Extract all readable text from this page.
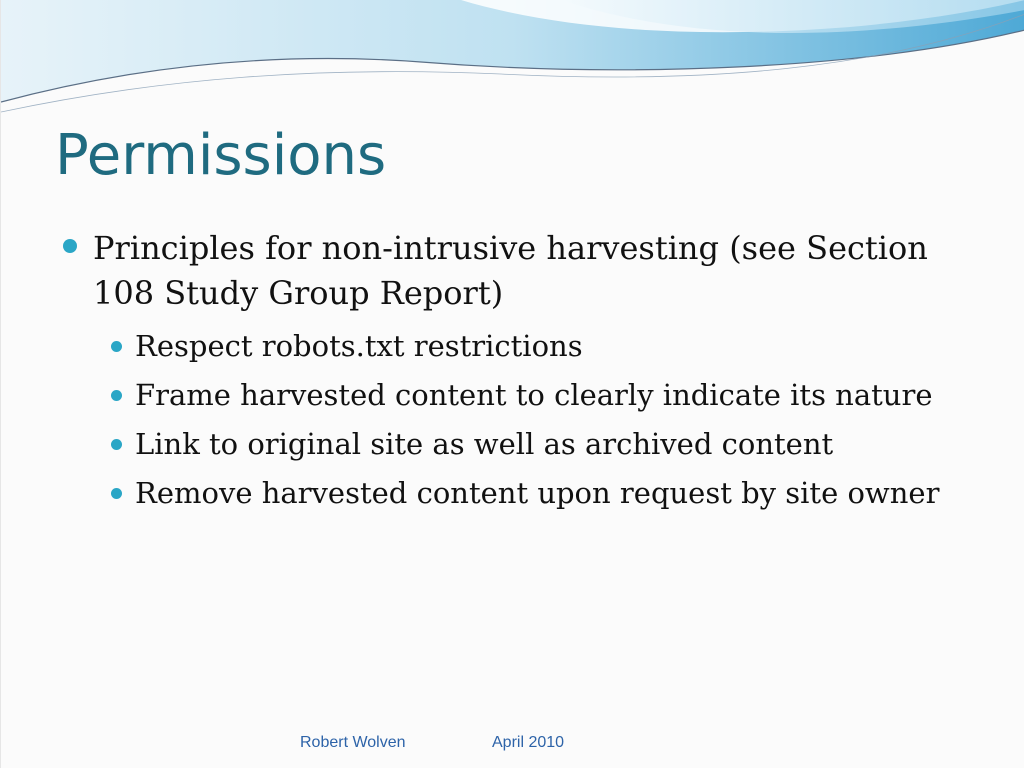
Permissions
Principles for non-intrusive harvesting (see Section 108 Study Group Report)
Respect robots.txt restrictions
Frame harvested content to clearly indicate its nature
Link to original site as well as archived content
Remove harvested content upon request by site owner
Robert Wolven	April 2010
